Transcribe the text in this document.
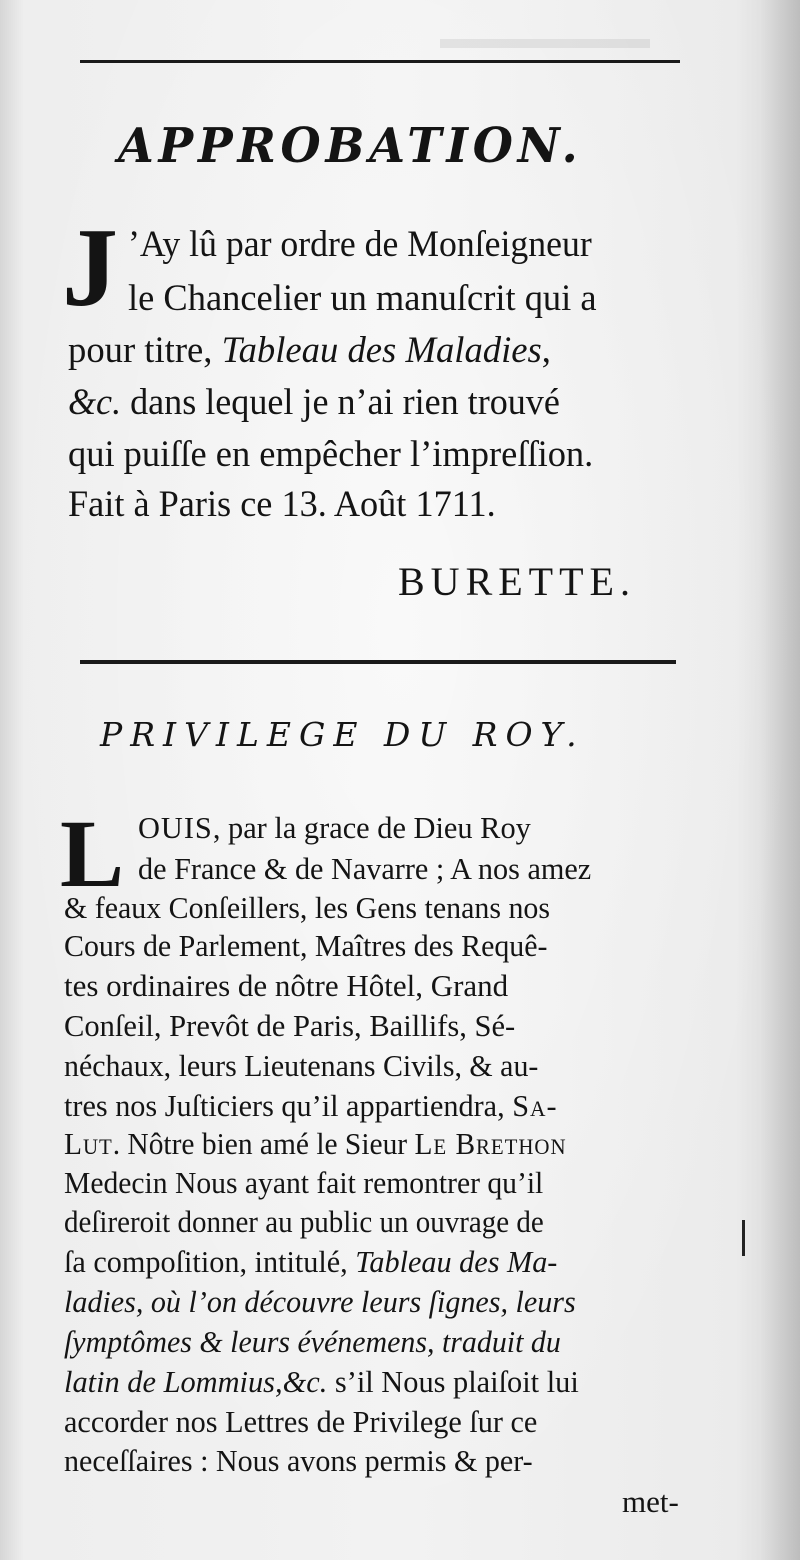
▬▬▬▬▬▬▬
APPROBATION.
J ’Ay lû par ordre de Monſeigneur
le Chancelier un manuſcrit qui a
pour titre, Tableau des Maladies,
&c. dans lequel je n’ai rien trouvé
qui puiſſe en empêcher l’impreſſion.
Fait à Paris ce 13. Août 1711.
BURETTE.
PRIVILEGE DU ROY.
L OUIS, par la grace de Dieu Roy
de France & de Navarre ; A nos amez
& feaux Conſeillers, les Gens tenans nos
Cours de Parlement, Maîtres des Requê-
tes ordinaires de nôtre Hôtel, Grand
Conſeil, Prevôt de Paris, Baillifs, Sé-
néchaux, leurs Lieutenans Civils, & au-
tres nos Juſticiers qu’il appartiendra, Sa-
Lut. Nôtre bien amé le Sieur Le Brethon
Medecin Nous ayant fait remontrer qu’il
deſireroit donner au public un ouvrage de
ſa compoſition, intitulé, Tableau des Ma-
ladies, où l’on découvre leurs ſignes, leurs
ſymptômes & leurs événemens, traduit du
latin de Lommius,&c. s’il Nous plaiſoit lui
accorder nos Lettres de Privilege ſur ce
neceſſaires : Nous avons permis & per-
met-
